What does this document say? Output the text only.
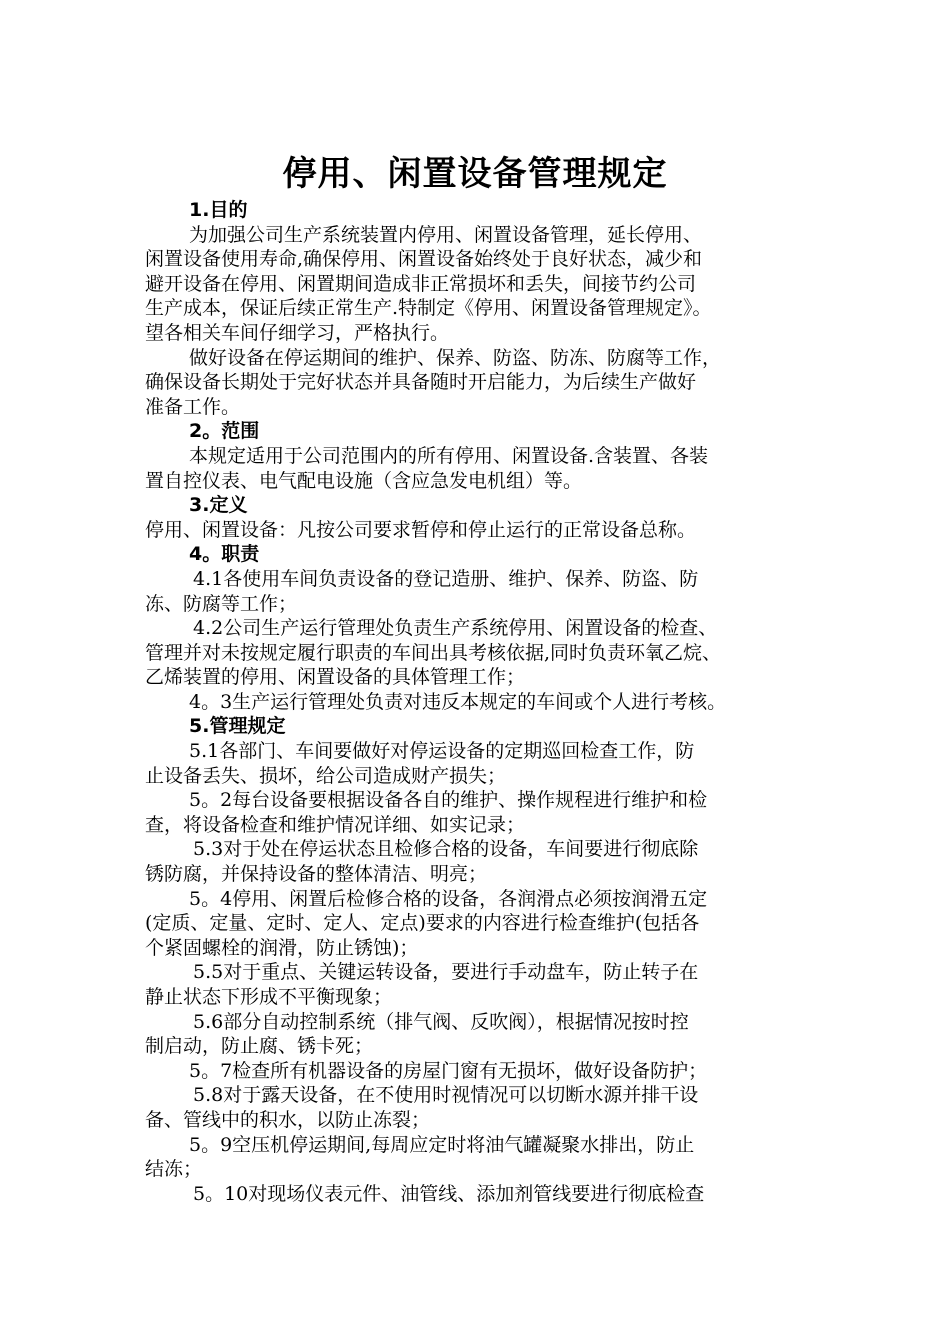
停用、闲置设备管理规定
1.目的
为加强公司生产系统装置内停用、闲置设备管理，延长停用、
闲置设备使用寿命,确保停用、闲置设备始终处于良好状态，减少和
避开设备在停用、闲置期间造成非正常损坏和丢失，间接节约公司
生产成本，保证后续正常生产.特制定《停用、闲置设备管理规定》。
望各相关车间仔细学习，严格执行。
做好设备在停运期间的维护、保养、防盗、防冻、防腐等工作，
确保设备长期处于完好状态并具备随时开启能力，为后续生产做好
准备工作。
2。范围
本规定适用于公司范围内的所有停用、闲置设备.含装置、各装
置自控仪表、电气配电设施（含应急发电机组）等。
3.定义
停用、闲置设备：凡按公司要求暂停和停止运行的正常设备总称。
4。职责
4.1各使用车间负责设备的登记造册、维护、保养、防盗、防
冻、防腐等工作；
4.2公司生产运行管理处负责生产系统停用、闲置设备的检查、
管理并对未按规定履行职责的车间出具考核依据,同时负责环氧乙烷、
乙烯装置的停用、闲置设备的具体管理工作；
4。3生产运行管理处负责对违反本规定的车间或个人进行考核。
5.管理规定
5.1各部门、车间要做好对停运设备的定期巡回检查工作，防
止设备丢失、损坏，给公司造成财产损失；
5。2每台设备要根据设备各自的维护、操作规程进行维护和检
查，将设备检查和维护情况详细、如实记录；
5.3对于处在停运状态且检修合格的设备，车间要进行彻底除
锈防腐，并保持设备的整体清洁、明亮；
5。4停用、闲置后检修合格的设备，各润滑点必须按润滑五定
(定质、定量、定时、定人、定点)要求的内容进行检查维护(包括各
个紧固螺栓的润滑，防止锈蚀)；
5.5对于重点、关键运转设备，要进行手动盘车，防止转子在
静止状态下形成不平衡现象；
5.6部分自动控制系统（排气阀、反吹阀），根据情况按时控
制启动，防止腐、锈卡死；
5。7检查所有机器设备的房屋门窗有无损坏，做好设备防护；
5.8对于露天设备，在不使用时视情况可以切断水源并排干设
备、管线中的积水，以防止冻裂；
5。9空压机停运期间,每周应定时将油气罐凝聚水排出，防止
结冻；
5。10对现场仪表元件、油管线、添加剂管线要进行彻底检查
